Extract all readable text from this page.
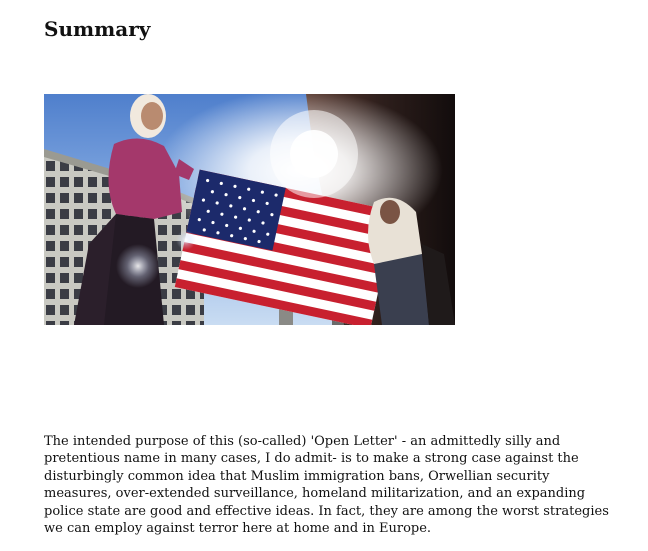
Summary

The intended purpose of this (so-called) 'Open Letter' - an admittedly silly and pretentious name in many cases, I do admit- is to make a strong case against the disturbingly common idea that Muslim immigration bans, Orwellian security measures, over-extended surveillance, homeland militarization, and an expanding police state are good and effective ideas. In fact, they are among the worst strategies we can employ against terror here at home and in Europe.
